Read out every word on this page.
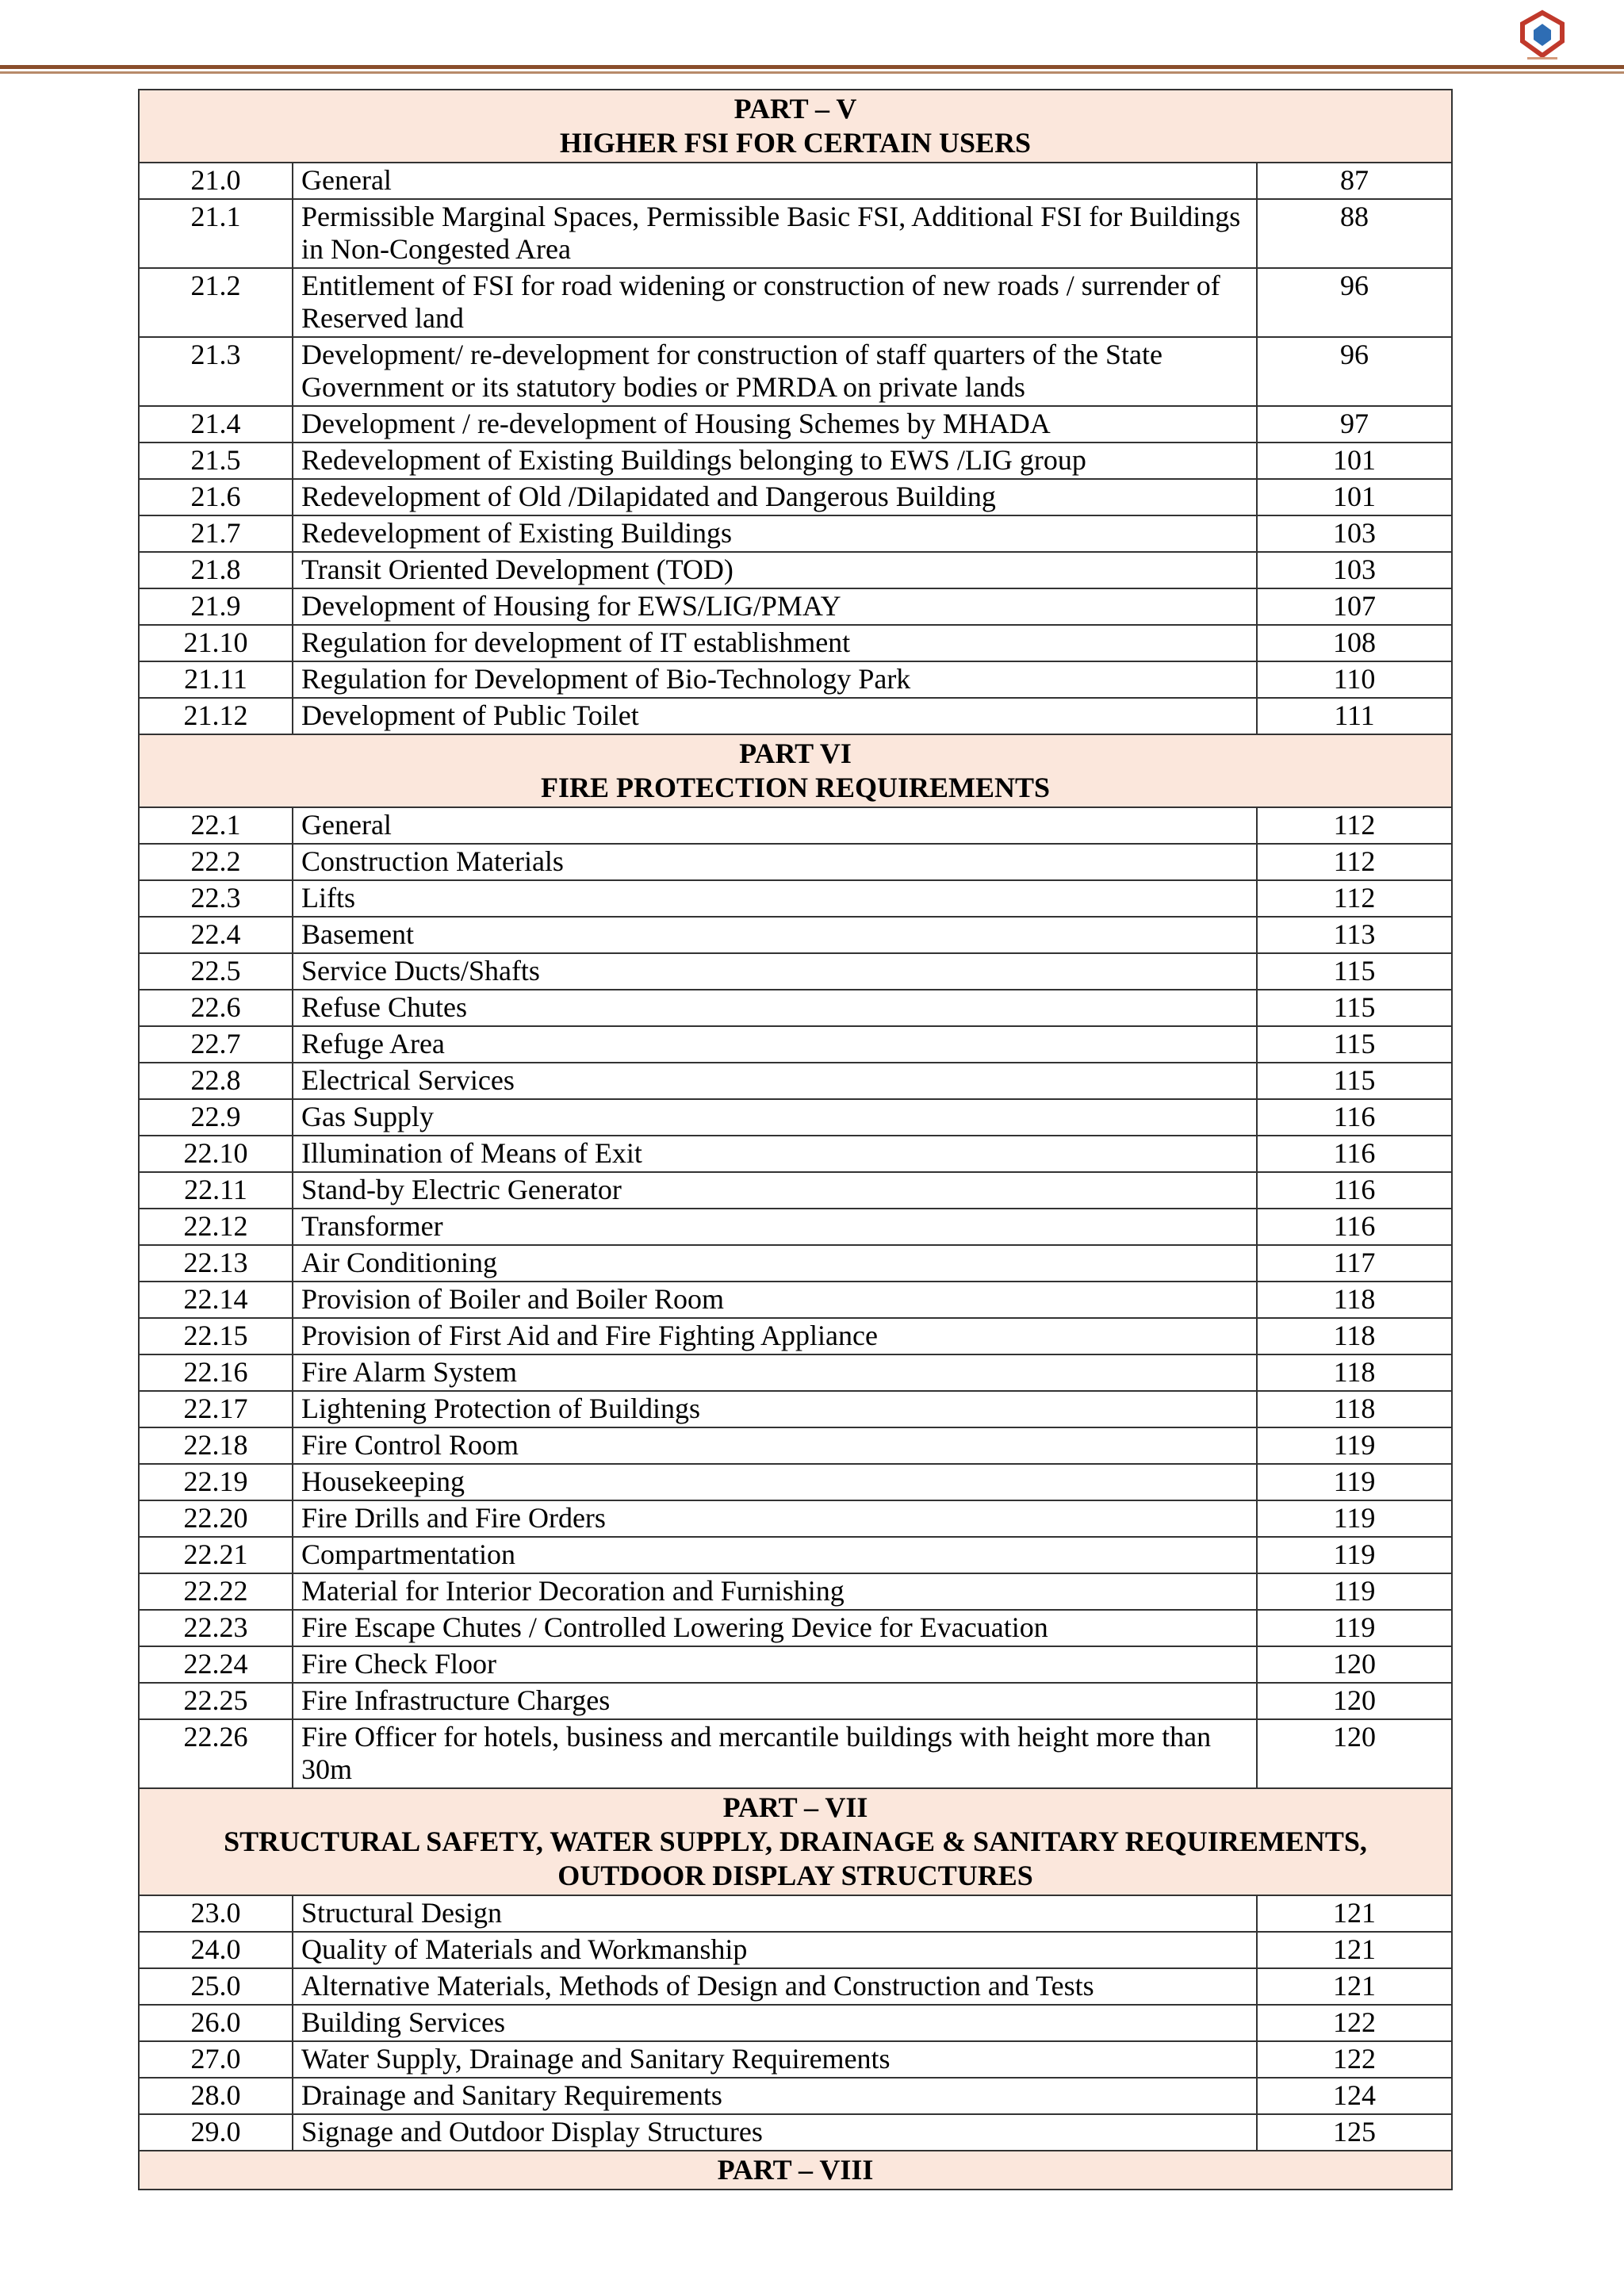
PART – V
HIGHER FSI FOR CERTAIN USERS		

21.0	General	87
21.1	Permissible Marginal Spaces, Permissible Basic FSI, Additional FSI for Buildings in Non-Congested Area	88
21.2	Entitlement of FSI for road widening or construction of new roads / surrender of Reserved land	96
21.3	Development/ re-development for construction of staff quarters of the State Government or its statutory bodies or PMRDA on private lands	96
21.4	Development / re-development of Housing Schemes by MHADA	97
21.5	Redevelopment of Existing Buildings belonging to EWS /LIG group	101
21.6	Redevelopment of Old /Dilapidated and Dangerous Building	101
21.7	Redevelopment of Existing Buildings	103
21.8	Transit Oriented Development (TOD)	103
21.9	Development of Housing for EWS/LIG/PMAY	107
21.10	Regulation for development of IT establishment	108
21.11	Regulation for Development of Bio-Technology Park	110
21.12	Development of Public Toilet	111

PART VI
FIRE PROTECTION REQUIREMENTS		

22.1	General	112
22.2	Construction Materials	112
22.3	Lifts	112
22.4	Basement	113
22.5	Service Ducts/Shafts	115
22.6	Refuse Chutes	115
22.7	Refuge Area	115
22.8	Electrical Services	115
22.9	Gas Supply	116
22.10	Illumination of Means of Exit	116
22.11	Stand-by Electric Generator	116
22.12	Transformer	116
22.13	Air Conditioning	117
22.14	Provision of Boiler and Boiler Room	118
22.15	Provision of First Aid and Fire Fighting Appliance	118
22.16	Fire Alarm System	118
22.17	Lightening Protection of Buildings	118
22.18	Fire Control Room	119
22.19	Housekeeping	119
22.20	Fire Drills and Fire Orders	119
22.21	Compartmentation	119
22.22	Material for Interior Decoration and Furnishing	119
22.23	Fire Escape Chutes / Controlled Lowering Device for Evacuation	119
22.24	Fire Check Floor	120
22.25	Fire Infrastructure Charges	120
22.26	Fire Officer for hotels, business and mercantile buildings with height more than 30m	120

PART – VII
STRUCTURAL SAFETY, WATER SUPPLY, DRAINAGE & SANITARY REQUIREMENTS,
OUTDOOR DISPLAY STRUCTURES		

23.0	Structural Design	121
24.0	Quality of Materials and Workmanship	121
25.0	Alternative Materials, Methods of Design and Construction and Tests	121
26.0	Building Services	122
27.0	Water Supply, Drainage and Sanitary Requirements	122
28.0	Drainage and Sanitary Requirements	124
29.0	Signage and Outdoor Display Structures	125

PART – VIII		
